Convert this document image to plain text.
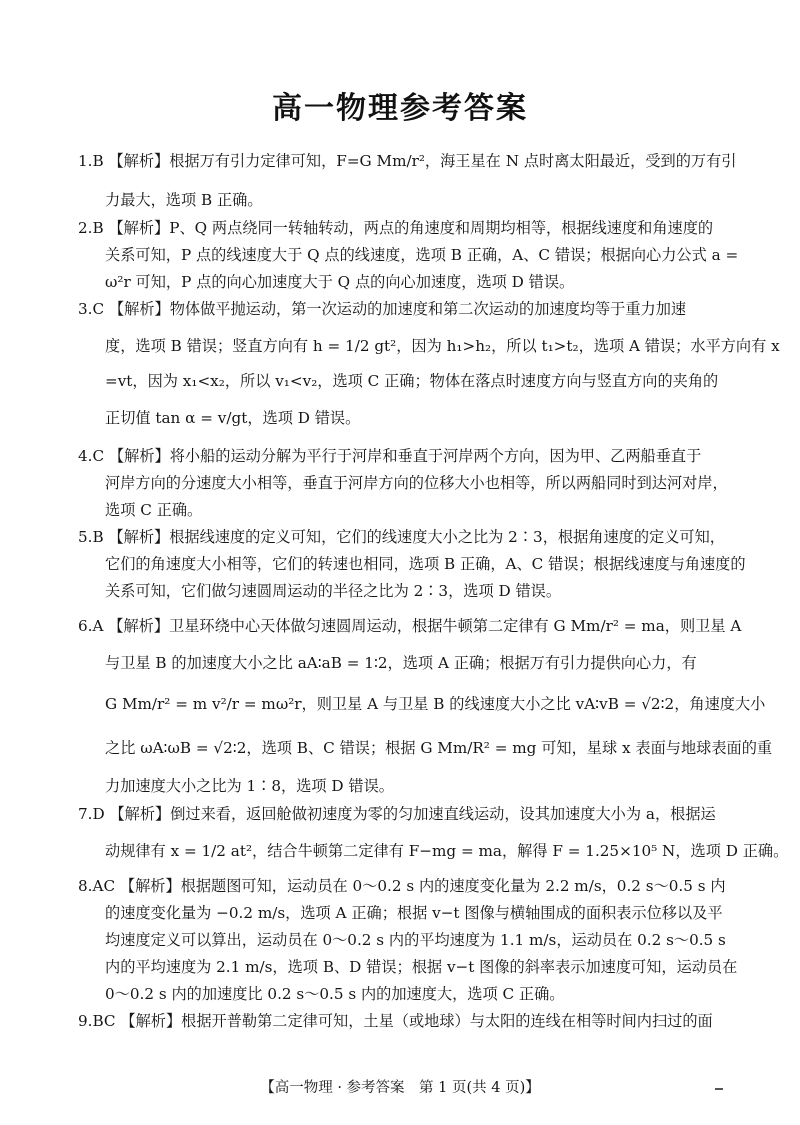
高一物理参考答案
1.B 【解析】根据万有引力定律可知，F=G Mm/r²，海王星在 N 点时离太阳最近，受到的万有引
力最大，选项 B 正确。
2.B 【解析】P、Q 两点绕同一转轴转动，两点的角速度和周期均相等，根据线速度和角速度的
关系可知，P 点的线速度大于 Q 点的线速度，选项 B 正确，A、C 错误；根据向心力公式 a =
ω²r 可知，P 点的向心加速度大于 Q 点的向心加速度，选项 D 错误。
3.C 【解析】物体做平抛运动，第一次运动的加速度和第二次运动的加速度均等于重力加速
度，选项 B 错误；竖直方向有 h = 1/2 gt²，因为 h₁>h₂，所以 t₁>t₂，选项 A 错误；水平方向有 x
=vt，因为 x₁<x₂，所以 v₁<v₂，选项 C 正确；物体在落点时速度方向与竖直方向的夹角的
正切值 tan α = v/gt，选项 D 错误。
4.C 【解析】将小船的运动分解为平行于河岸和垂直于河岸两个方向，因为甲、乙两船垂直于
河岸方向的分速度大小相等，垂直于河岸方向的位移大小也相等，所以两船同时到达河对岸，
选项 C 正确。
5.B 【解析】根据线速度的定义可知，它们的线速度大小之比为 2∶3，根据角速度的定义可知，
它们的角速度大小相等，它们的转速也相同，选项 B 正确，A、C 错误；根据线速度与角速度的
关系可知，它们做匀速圆周运动的半径之比为 2∶3，选项 D 错误。
6.A 【解析】卫星环绕中心天体做匀速圆周运动，根据牛顿第二定律有 G Mm/r² = ma，则卫星 A
与卫星 B 的加速度大小之比 aA∶aB = 1∶2，选项 A 正确；根据万有引力提供向心力，有
G Mm/r² = m v²/r = mω²r，则卫星 A 与卫星 B 的线速度大小之比 vA∶vB = √2∶2，角速度大小
之比 ωA∶ωB = √2∶2，选项 B、C 错误；根据 G Mm/R² = mg 可知，星球 x 表面与地球表面的重
力加速度大小之比为 1∶8，选项 D 错误。
7.D 【解析】倒过来看，返回舱做初速度为零的匀加速直线运动，设其加速度大小为 a，根据运
动规律有 x = 1/2 at²，结合牛顿第二定律有 F−mg = ma，解得 F = 1.25×10⁵ N，选项 D 正确。
8.AC 【解析】根据题图可知，运动员在 0～0.2 s 内的速度变化量为 2.2 m/s，0.2 s～0.5 s 内
的速度变化量为 −0.2 m/s，选项 A 正确；根据 v−t 图像与横轴围成的面积表示位移以及平
均速度定义可以算出，运动员在 0～0.2 s 内的平均速度为 1.1 m/s，运动员在 0.2 s～0.5 s
内的平均速度为 2.1 m/s，选项 B、D 错误；根据 v−t 图像的斜率表示加速度可知，运动员在
0～0.2 s 内的加速度比 0.2 s～0.5 s 内的加速度大，选项 C 正确。
9.BC 【解析】根据开普勒第二定律可知，土星（或地球）与太阳的连线在相等时间内扫过的面
【高一物理 · 参考答案　第 1 页(共 4 页)】
